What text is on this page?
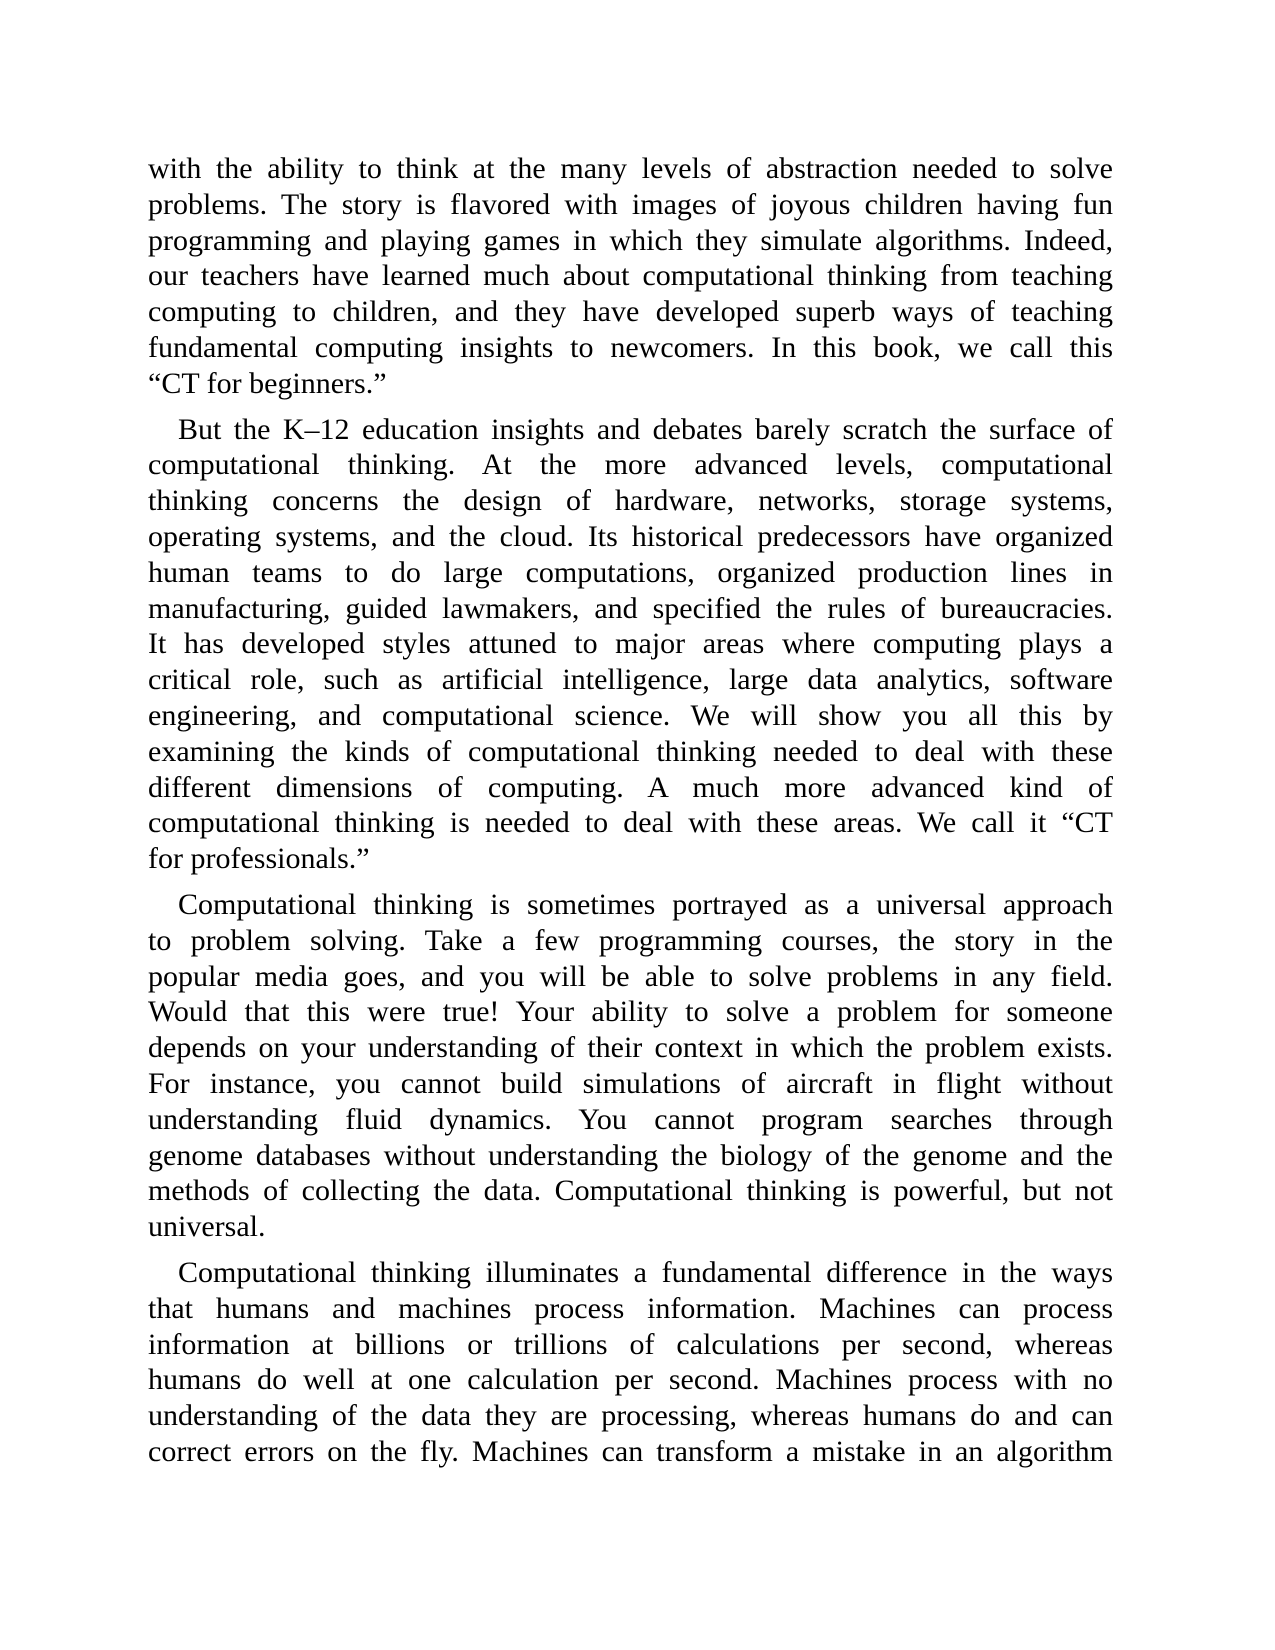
with the ability to think at the many levels of abstraction needed to solve
problems. The story is flavored with images of joyous children having fun
programming and playing games in which they simulate algorithms. Indeed,
our teachers have learned much about computational thinking from teaching
computing to children, and they have developed superb ways of teaching
fundamental computing insights to newcomers. In this book, we call this
“CT for beginners.”
But the K–12 education insights and debates barely scratch the surface of
computational thinking. At the more advanced levels, computational
thinking concerns the design of hardware, networks, storage systems,
operating systems, and the cloud. Its historical predecessors have organized
human teams to do large computations, organized production lines in
manufacturing, guided lawmakers, and specified the rules of bureaucracies.
It has developed styles attuned to major areas where computing plays a
critical role, such as artificial intelligence, large data analytics, software
engineering, and computational science. We will show you all this by
examining the kinds of computational thinking needed to deal with these
different dimensions of computing. A much more advanced kind of
computational thinking is needed to deal with these areas. We call it “CT
for professionals.”
Computational thinking is sometimes portrayed as a universal approach
to problem solving. Take a few programming courses, the story in the
popular media goes, and you will be able to solve problems in any field.
Would that this were true! Your ability to solve a problem for someone
depends on your understanding of their context in which the problem exists.
For instance, you cannot build simulations of aircraft in flight without
understanding fluid dynamics. You cannot program searches through
genome databases without understanding the biology of the genome and the
methods of collecting the data. Computational thinking is powerful, but not
universal.
Computational thinking illuminates a fundamental difference in the ways
that humans and machines process information. Machines can process
information at billions or trillions of calculations per second, whereas
humans do well at one calculation per second. Machines process with no
understanding of the data they are processing, whereas humans do and can
correct errors on the fly. Machines can transform a mistake in an algorithm
